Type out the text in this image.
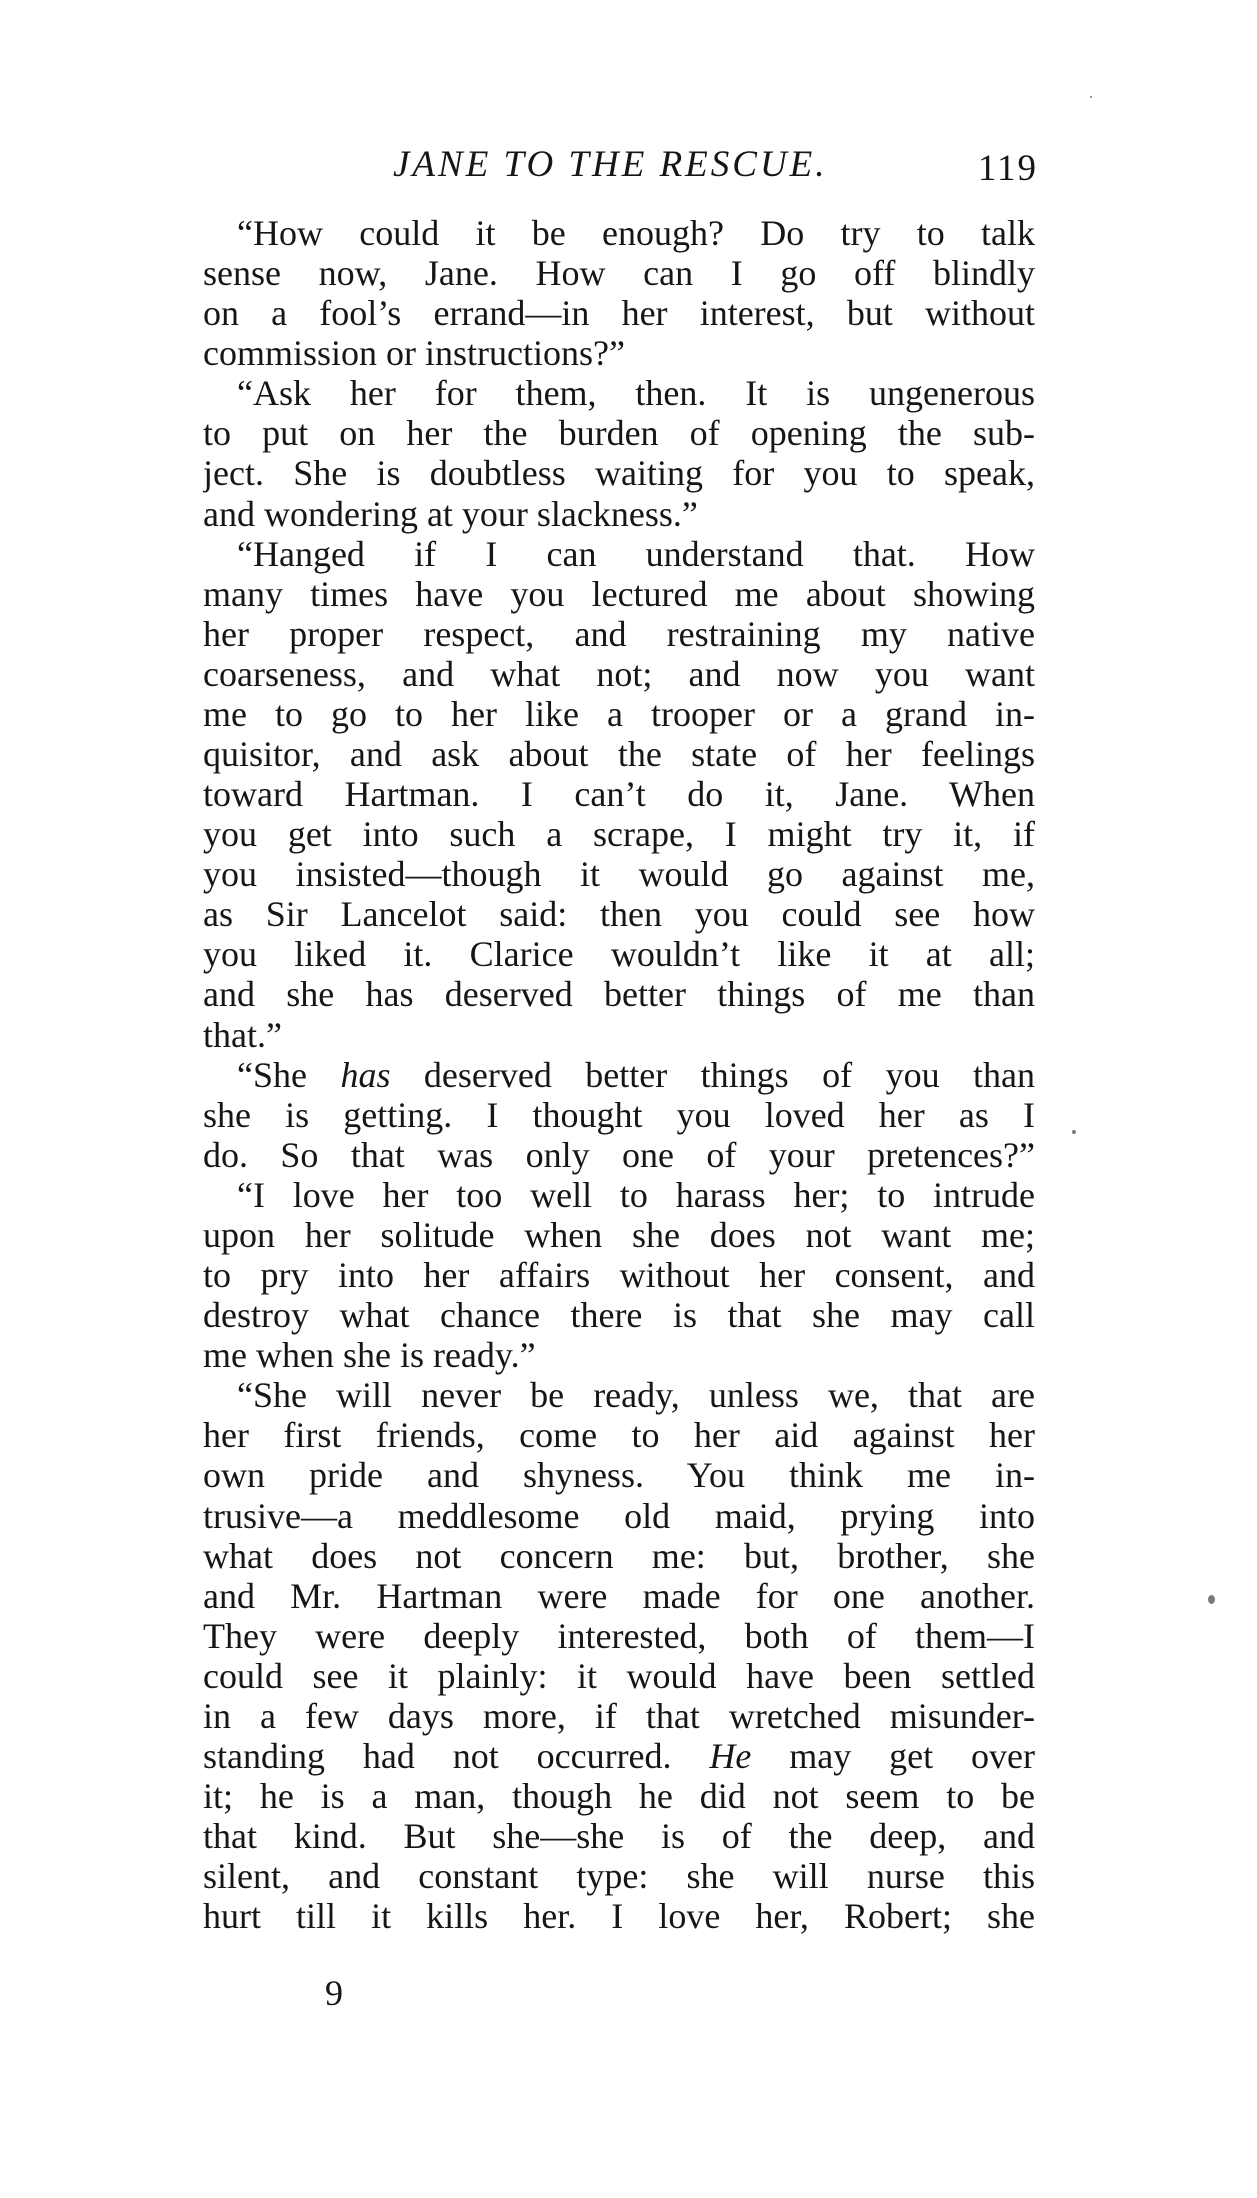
JANE TO THE RESCUE.	119
“How could it be enough? Do try to talk
sense now, Jane. How can I go off blindly
on a fool’s errand—in her interest, but without
commission or instructions?”
“Ask her for them, then. It is ungenerous
to put on her the burden of opening the sub-
ject. She is doubtless waiting for you to speak,
and wondering at your slackness.”
“Hanged if I can understand that. How
many times have you lectured me about showing
her proper respect, and restraining my native
coarseness, and what not; and now you want
me to go to her like a trooper or a grand in-
quisitor, and ask about the state of her feelings
toward Hartman. I can’t do it, Jane. When
you get into such a scrape, I might try it, if
you insisted—though it would go against me,
as Sir Lancelot said: then you could see how
you liked it. Clarice wouldn’t like it at all;
and she has deserved better things of me than
that.”
“She has deserved better things of you than
she is getting. I thought you loved her as I
do. So that was only one of your pretences?”
“I love her too well to harass her; to intrude
upon her solitude when she does not want me;
to pry into her affairs without her consent, and
destroy what chance there is that she may call
me when she is ready.”
“She will never be ready, unless we, that are
her first friends, come to her aid against her
own pride and shyness. You think me in-
trusive—a meddlesome old maid, prying into
what does not concern me: but, brother, she
and Mr. Hartman were made for one another.
They were deeply interested, both of them—I
could see it plainly: it would have been settled
in a few days more, if that wretched misunder-
standing had not occurred. He may get over
it; he is a man, though he did not seem to be
that kind. But she—she is of the deep, and
silent, and constant type: she will nurse this
hurt till it kills her. I love her, Robert; she
9
